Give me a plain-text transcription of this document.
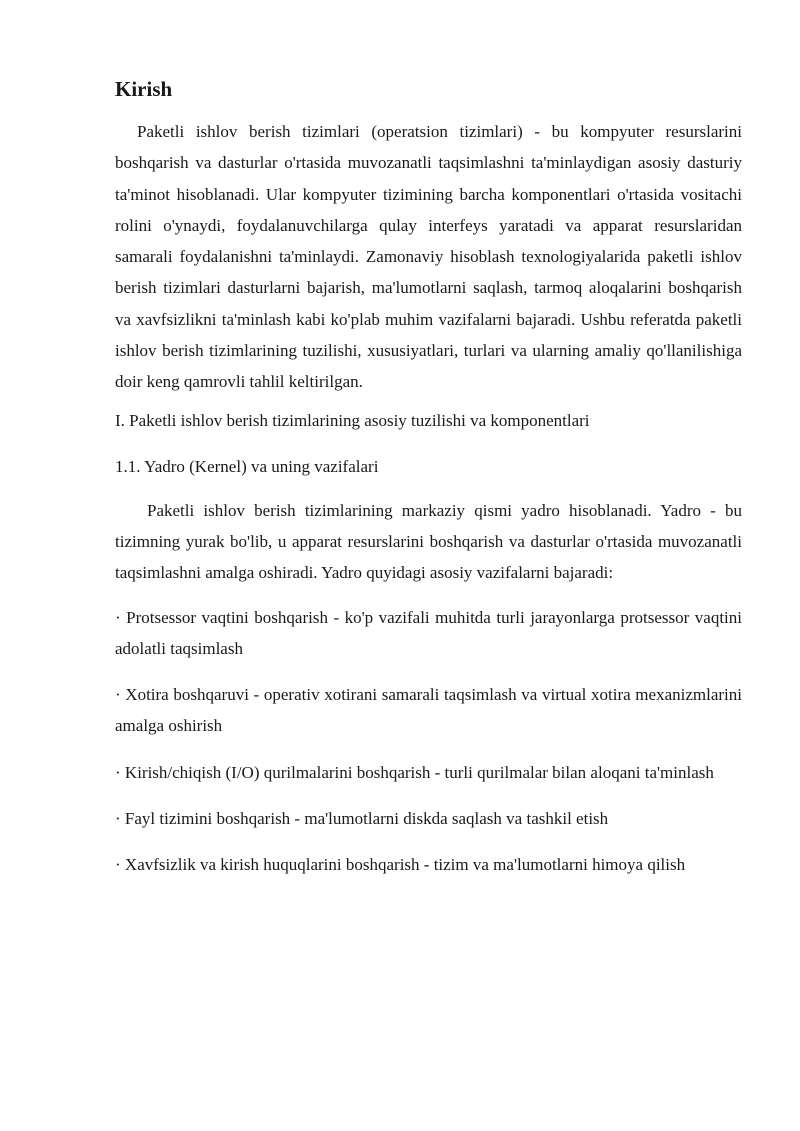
Kirish

Paketli ishlov berish tizimlari (operatsion tizimlari) - bu kompyuter resurslarini boshqarish va dasturlar o'rtasida muvozanatli taqsimlashni ta'minlaydigan asosiy dasturiy ta'minot hisoblanadi. Ular kompyuter tizimining barcha komponentlari o'rtasida vositachi rolini o'ynaydi, foydalanuvchilarga qulay interfeys yaratadi va apparat resurslaridan samarali foydalanishni ta'minlaydi. Zamonaviy hisoblash texnologiyalarida paketli ishlov berish tizimlari dasturlarni bajarish, ma'lumotlarni saqlash, tarmoq aloqalarini boshqarish va xavfsizlikni ta'minlash kabi ko'plab muhim vazifalarni bajaradi. Ushbu referatda paketli ishlov berish tizimlarining tuzilishi, xususiyatlari, turlari va ularning amaliy qo'llanilishiga doir keng qamrovli tahlil keltirilgan.

I. Paketli ishlov berish tizimlarining asosiy tuzilishi va komponentlari

1.1. Yadro (Kernel) va uning vazifalari

Paketli ishlov berish tizimlarining markaziy qismi yadro hisoblanadi. Yadro - bu tizimning yurak bo'lib, u apparat resurslarini boshqarish va dasturlar o'rtasida muvozanatli taqsimlashni amalga oshiradi. Yadro quyidagi asosiy vazifalarni bajaradi:

· Protsessor vaqtini boshqarish - ko'p vazifali muhitda turli jarayonlarga protsessor vaqtini adolatli taqsimlash

· Xotira boshqaruvi - operativ xotirani samarali taqsimlash va virtual xotira mexanizmlarini amalga oshirish

· Kirish/chiqish (I/O) qurilmalarini boshqarish - turli qurilmalar bilan aloqani ta'minlash

· Fayl tizimini boshqarish - ma'lumotlarni diskda saqlash va tashkil etish

· Xavfsizlik va kirish huquqlarini boshqarish - tizim va ma'lumotlarni himoya qilish
